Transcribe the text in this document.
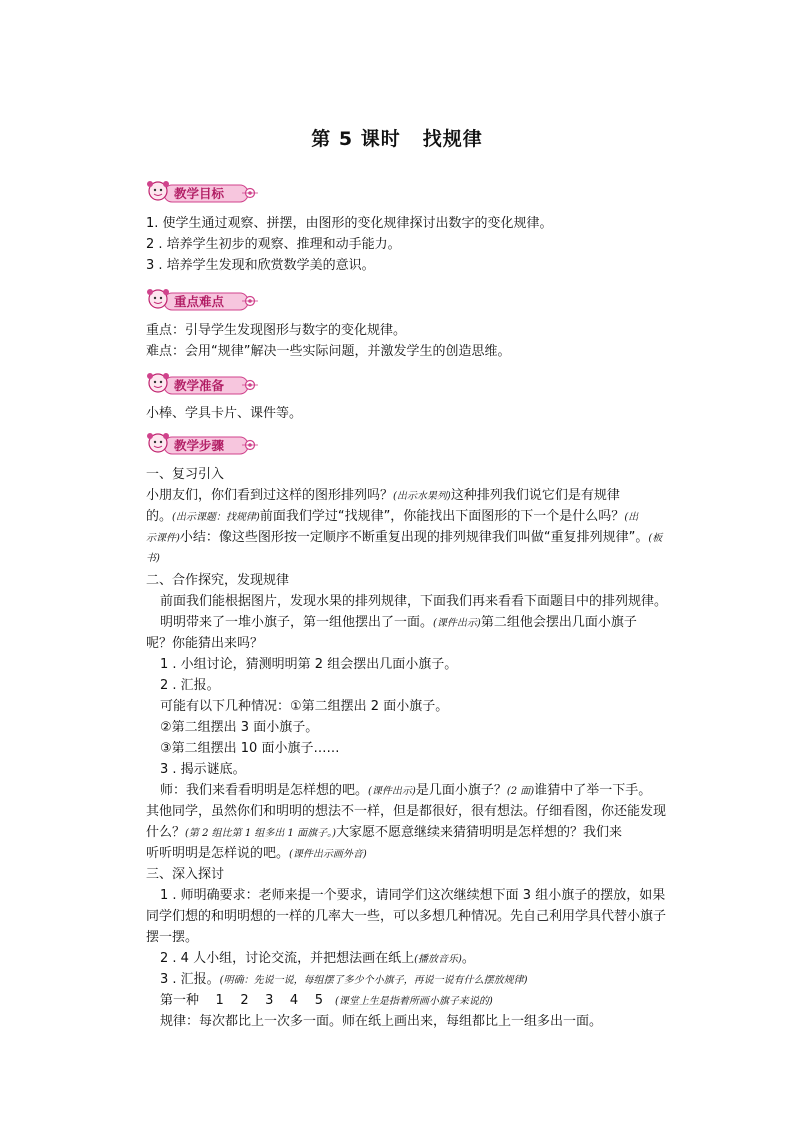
第 5 课时 找规律
教学目标
1. 使学生通过观察、拼摆，由图形的变化规律探讨出数字的变化规律。
2 . 培养学生初步的观察、推理和动手能力。
3 . 培养学生发现和欣赏数学美的意识。
重点难点
重点：引导学生发现图形与数字的变化规律。
难点：会用“规律”解决一些实际问题，并激发学生的创造思维。
教学准备
小棒、学具卡片、课件等。
教学步骤
一、复习引入
小朋友们，你们看到过这样的图形排列吗？(出示水果列)这种排列我们说它们是有规律
的。(出示课题：找规律)前面我们学过“找规律”，你能找出下面图形的下一个是什么吗？(出
示课件)小结：像这些图形按一定顺序不断重复出现的排列规律我们叫做“重复排列规律”。(板
书)
二、合作探究，发现规律
前面我们能根据图片，发现水果的排列规律，下面我们再来看看下面题目中的排列规律。
明明带来了一堆小旗子，第一组他摆出了一面。(课件出示)第二组他会摆出几面小旗子
呢？你能猜出来吗？
1 . 小组讨论，猜测明明第 2 组会摆出几面小旗子。
2 . 汇报。
可能有以下几种情况：①第二组摆出 2 面小旗子。
②第二组摆出 3 面小旗子。
③第二组摆出 10 面小旗子……
3 . 揭示谜底。
师：我们来看看明明是怎样想的吧。(课件出示)是几面小旗子？(2 面)谁猜中了举一下手。
其他同学，虽然你们和明明的想法不一样，但是都很好，很有想法。仔细看图，你还能发现
什么？(第 2 组比第 1 组多出 1 面旗子。)大家愿不愿意继续来猜猜明明是怎样想的？我们来
听听明明是怎样说的吧。(课件出示画外音)
三、深入探讨
1 . 师明确要求：老师来提一个要求，请同学们这次继续想下面 3 组小旗子的摆放，如果
同学们想的和明明想的一样的几率大一些，可以多想几种情况。先自己利用学具代替小旗子
摆一摆。
2 . 4 人小组，讨论交流，并把想法画在纸上(播放音乐)。
3 . 汇报。(明确：先说一说，每组摆了多少个小旗子，再说一说有什么摆放规律)
第一种    1    2    3    4    5 (课堂上生是指着所画小旗子来说的)
规律：每次都比上一次多一面。师在纸上画出来，每组都比上一组多出一面。
